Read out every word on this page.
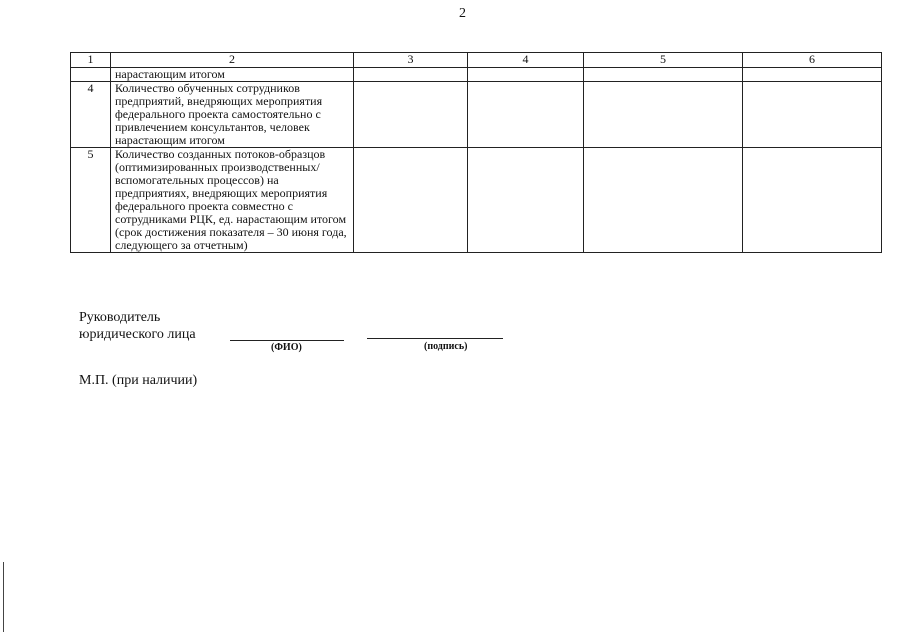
2
1	2	3	4	5	6
	нарастающим итогом				
4	Количество обученных сотрудников предприятий, внедряющих мероприятия федерального проекта самостоятельно с привлечением консультантов, человек нарастающим итогом				
5	Количество созданных потоков-образцов (оптимизированных производственных/ вспомогательных процессов) на предприятиях, внедряющих мероприятия федерального проекта совместно с сотрудниками РЦК, ед. нарастающим итогом (срок достижения показателя – 30 июня года, следующего за отчетным)				
Руководитель
юридического лица
(ФИО)	(подпись)
М.П. (при наличии)
